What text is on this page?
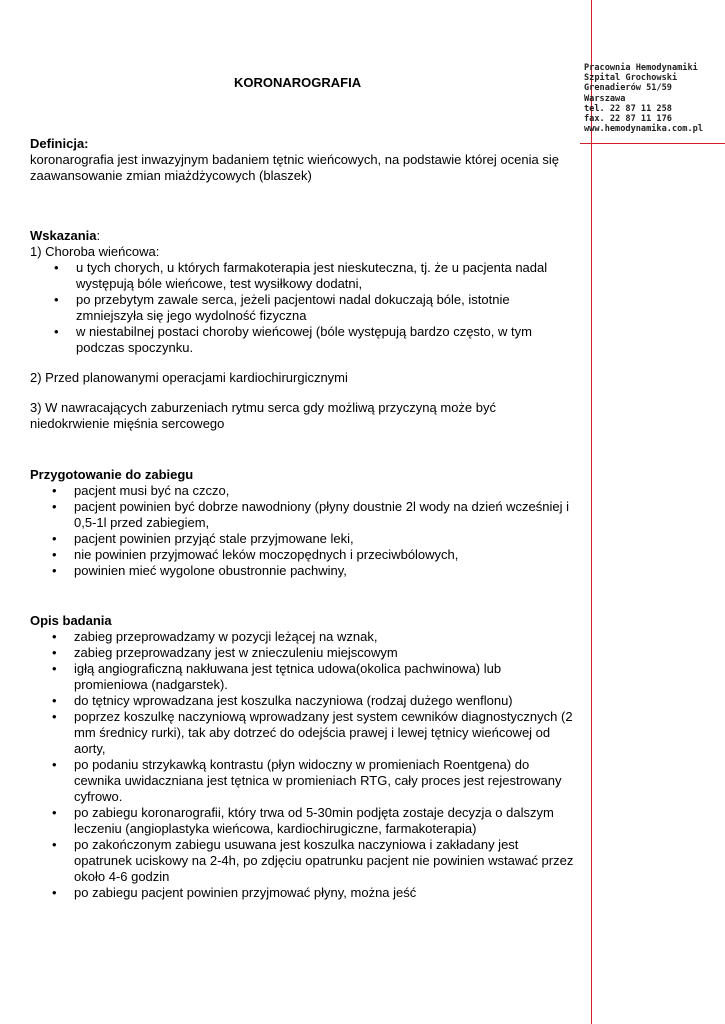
Pracownia Hemodynamiki
Szpital Grochowski
Grenadierów 51/59
Warszawa
tel. 22 87 11 258
fax. 22 87 11 176
www.hemodynamika.com.pl
KORONAROGRAFIA
Definicja:
koronarografia jest inwazyjnym badaniem tętnic wieńcowych, na podstawie której ocenia się zaawansowanie zmian miażdżycowych (blaszek)
Wskazania:
1) Choroba wieńcowa:
• u tych chorych, u których farmakoterapia jest nieskuteczna, tj. że u pacjenta nadal występują bóle wieńcowe, test wysiłkowy dodatni,
• po przebytym zawale serca, jeżeli pacjentowi nadal dokuczają bóle, istotnie zmniejszyła się jego wydolność fizyczna
• w niestabilnej postaci choroby wieńcowej (bóle występują bardzo często, w tym podczas spoczynku.
2) Przed planowanymi operacjami kardiochirurgicznymi
3) W nawracających zaburzeniach rytmu serca gdy możliwą przyczyną może być niedokrwienie mięśnia sercowego
Przygotowanie do zabiegu
• pacjent musi być na czczo,
• pacjent powinien być dobrze nawodniony (płyny doustnie 2l wody na dzień wcześniej i 0,5-1l przed zabiegiem,
• pacjent powinien przyjąć stale przyjmowane leki,
• nie powinien przyjmować leków moczopędnych i przeciwbólowych,
• powinien mieć wygolone obustronnie pachwiny,
Opis badania
• zabieg przeprowadzamy w pozycji leżącej na wznak,
• zabieg przeprowadzany jest w znieczuleniu miejscowym
• igłą angiograficzną nakłuwana jest tętnica udowa(okolica pachwinowa) lub promieniowa (nadgarstek).
• do tętnicy wprowadzana jest koszulka naczyniowa (rodzaj dużego wenflonu)
• poprzez koszulkę naczyniową wprowadzany jest system cewników diagnostycznych (2 mm średnicy rurki), tak aby dotrzeć do odejścia prawej i lewej tętnicy wieńcowej od aorty,
• po podaniu strzykawką kontrastu (płyn widoczny w promieniach Roentgena) do cewnika uwidaczniana jest tętnica w promieniach RTG, cały proces jest rejestrowany cyfrowo.
• po zabiegu koronarografii, który trwa od 5-30min podjęta zostaje decyzja o dalszym leczeniu (angioplastyka wieńcowa, kardiochirugiczne, farmakoterapia)
• po zakończonym zabiegu usuwana jest koszulka naczyniowa i zakładany jest opatrunek uciskowy na 2-4h, po zdjęciu opatrunku pacjent nie powinien wstawać przez około 4-6 godzin
• po zabiegu pacjent powinien przyjmować płyny, można jeść
